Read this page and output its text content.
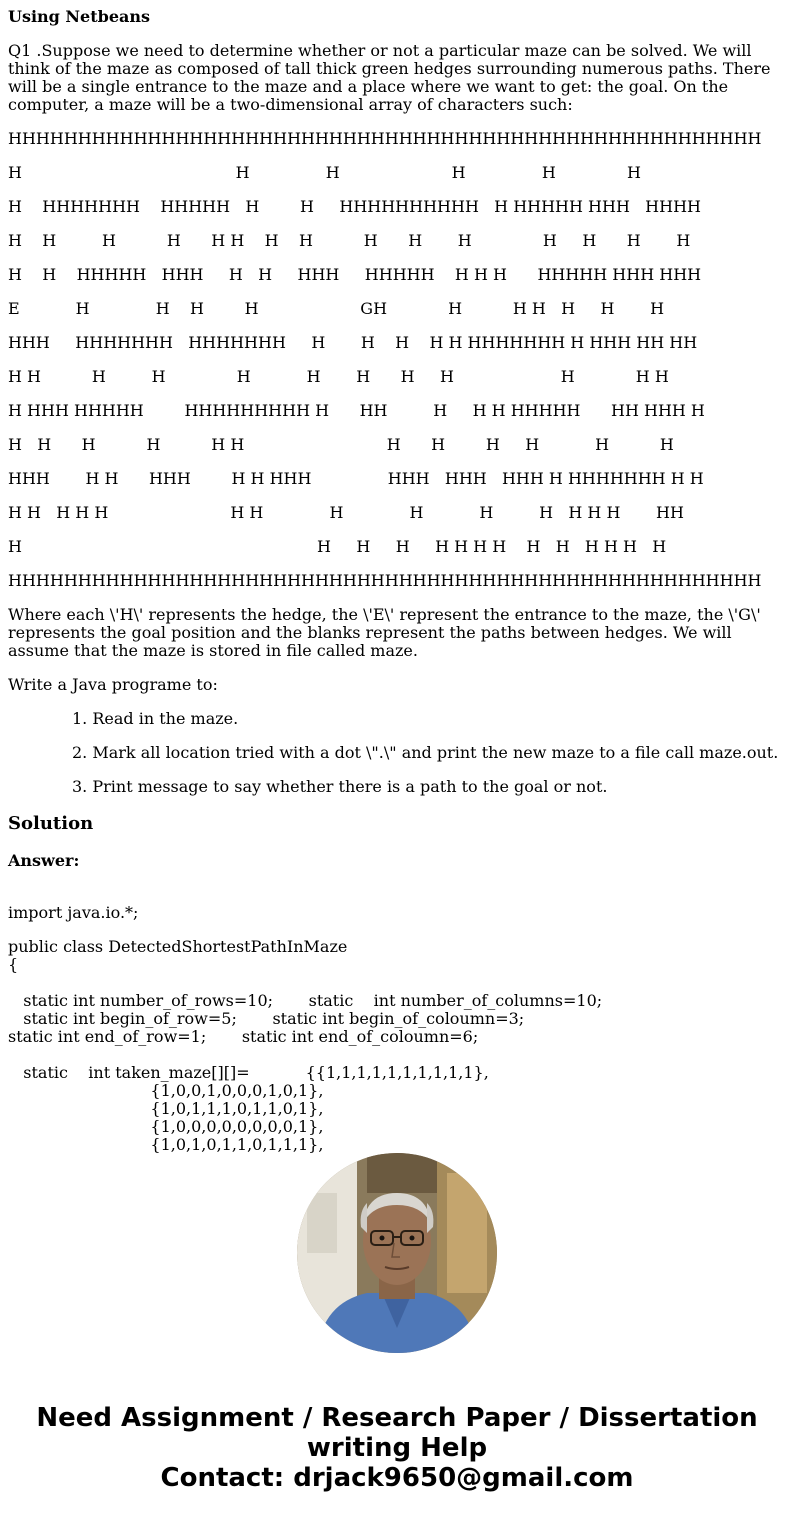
Using Netbeans

Q1 .Suppose we need to determine whether or not a particular maze can be solved. We will think of the maze as composed of tall thick green hedges surrounding numerous paths. There will be a single entrance to the maze and a place where we want to get: the goal. On the computer, a maze will be a two-dimensional array of characters such:

HHHHHHHHHHHHHHHHHHHHHHHHHHHHHHHHHHHHHHHHHHHHHHHHHHHHHH

H                                          H               H                      H               H              H

H    HHHHHHH    HHHHH   H        H     HHHHHHHHHH   H HHHHH HHH   HHHH

H    H         H          H      H H    H    H          H      H       H              H     H      H       H

H    H    HHHHH   HHH     H   H     HHH     HHHHH    H H H      HHHHH HHH HHH

E           H             H    H        H                    GH            H          H H   H     H       H

HHH     HHHHHHH   HHHHHHH     H       H    H    H H HHHHHHH H HHH HH HH

H H          H         H              H           H       H      H     H                     H            H H

H HHH HHHHH        HHHHHHHHH H      HH         H     H H HHHHH      HH HHH H

H   H      H          H          H H                            H      H        H     H           H          H

HHH       H H      HHH        H H HHH               HHH   HHH   HHH H HHHHHHH H H

H H   H H H                        H H             H             H           H         H   H H H       HH

H                                                          H     H     H     H H H H    H   H   H H H   H

HHHHHHHHHHHHHHHHHHHHHHHHHHHHHHHHHHHHHHHHHHHHHHHHHHHHHH

Where each \'H\' represents the hedge, the \'E\' represent the entrance to the maze, the \'G\' represents the goal position and the blanks represent the paths between hedges. We will assume that the maze is stored in file called maze.

Write a Java programe to:

1. Read in the maze.

2. Mark all location tried with a dot \".\" and print the new maze to a file call maze.out.

3. Print message to say whether there is a path to the goal or not.

Solution

Answer:

import java.io.*;

public class DetectedShortestPathInMaze

{

static int number_of_rows=10;       static    int number_of_columns=10;

static int begin_of_row=5;       static int begin_of_coloumn=3;

static int end_of_row=1;       static int end_of_coloumn=6;

static    int taken_maze[][]=           {{1,1,1,1,1,1,1,1,1,1},

{1,0,0,1,0,0,0,1,0,1},

{1,0,1,1,1,0,1,1,0,1},

{1,0,0,0,0,0,0,0,0,1},

{1,0,1,0,1,1,0,1,1,1},

Need Assignment / Research Paper / Dissertation
writing Help
Contact: drjack9650@gmail.com
